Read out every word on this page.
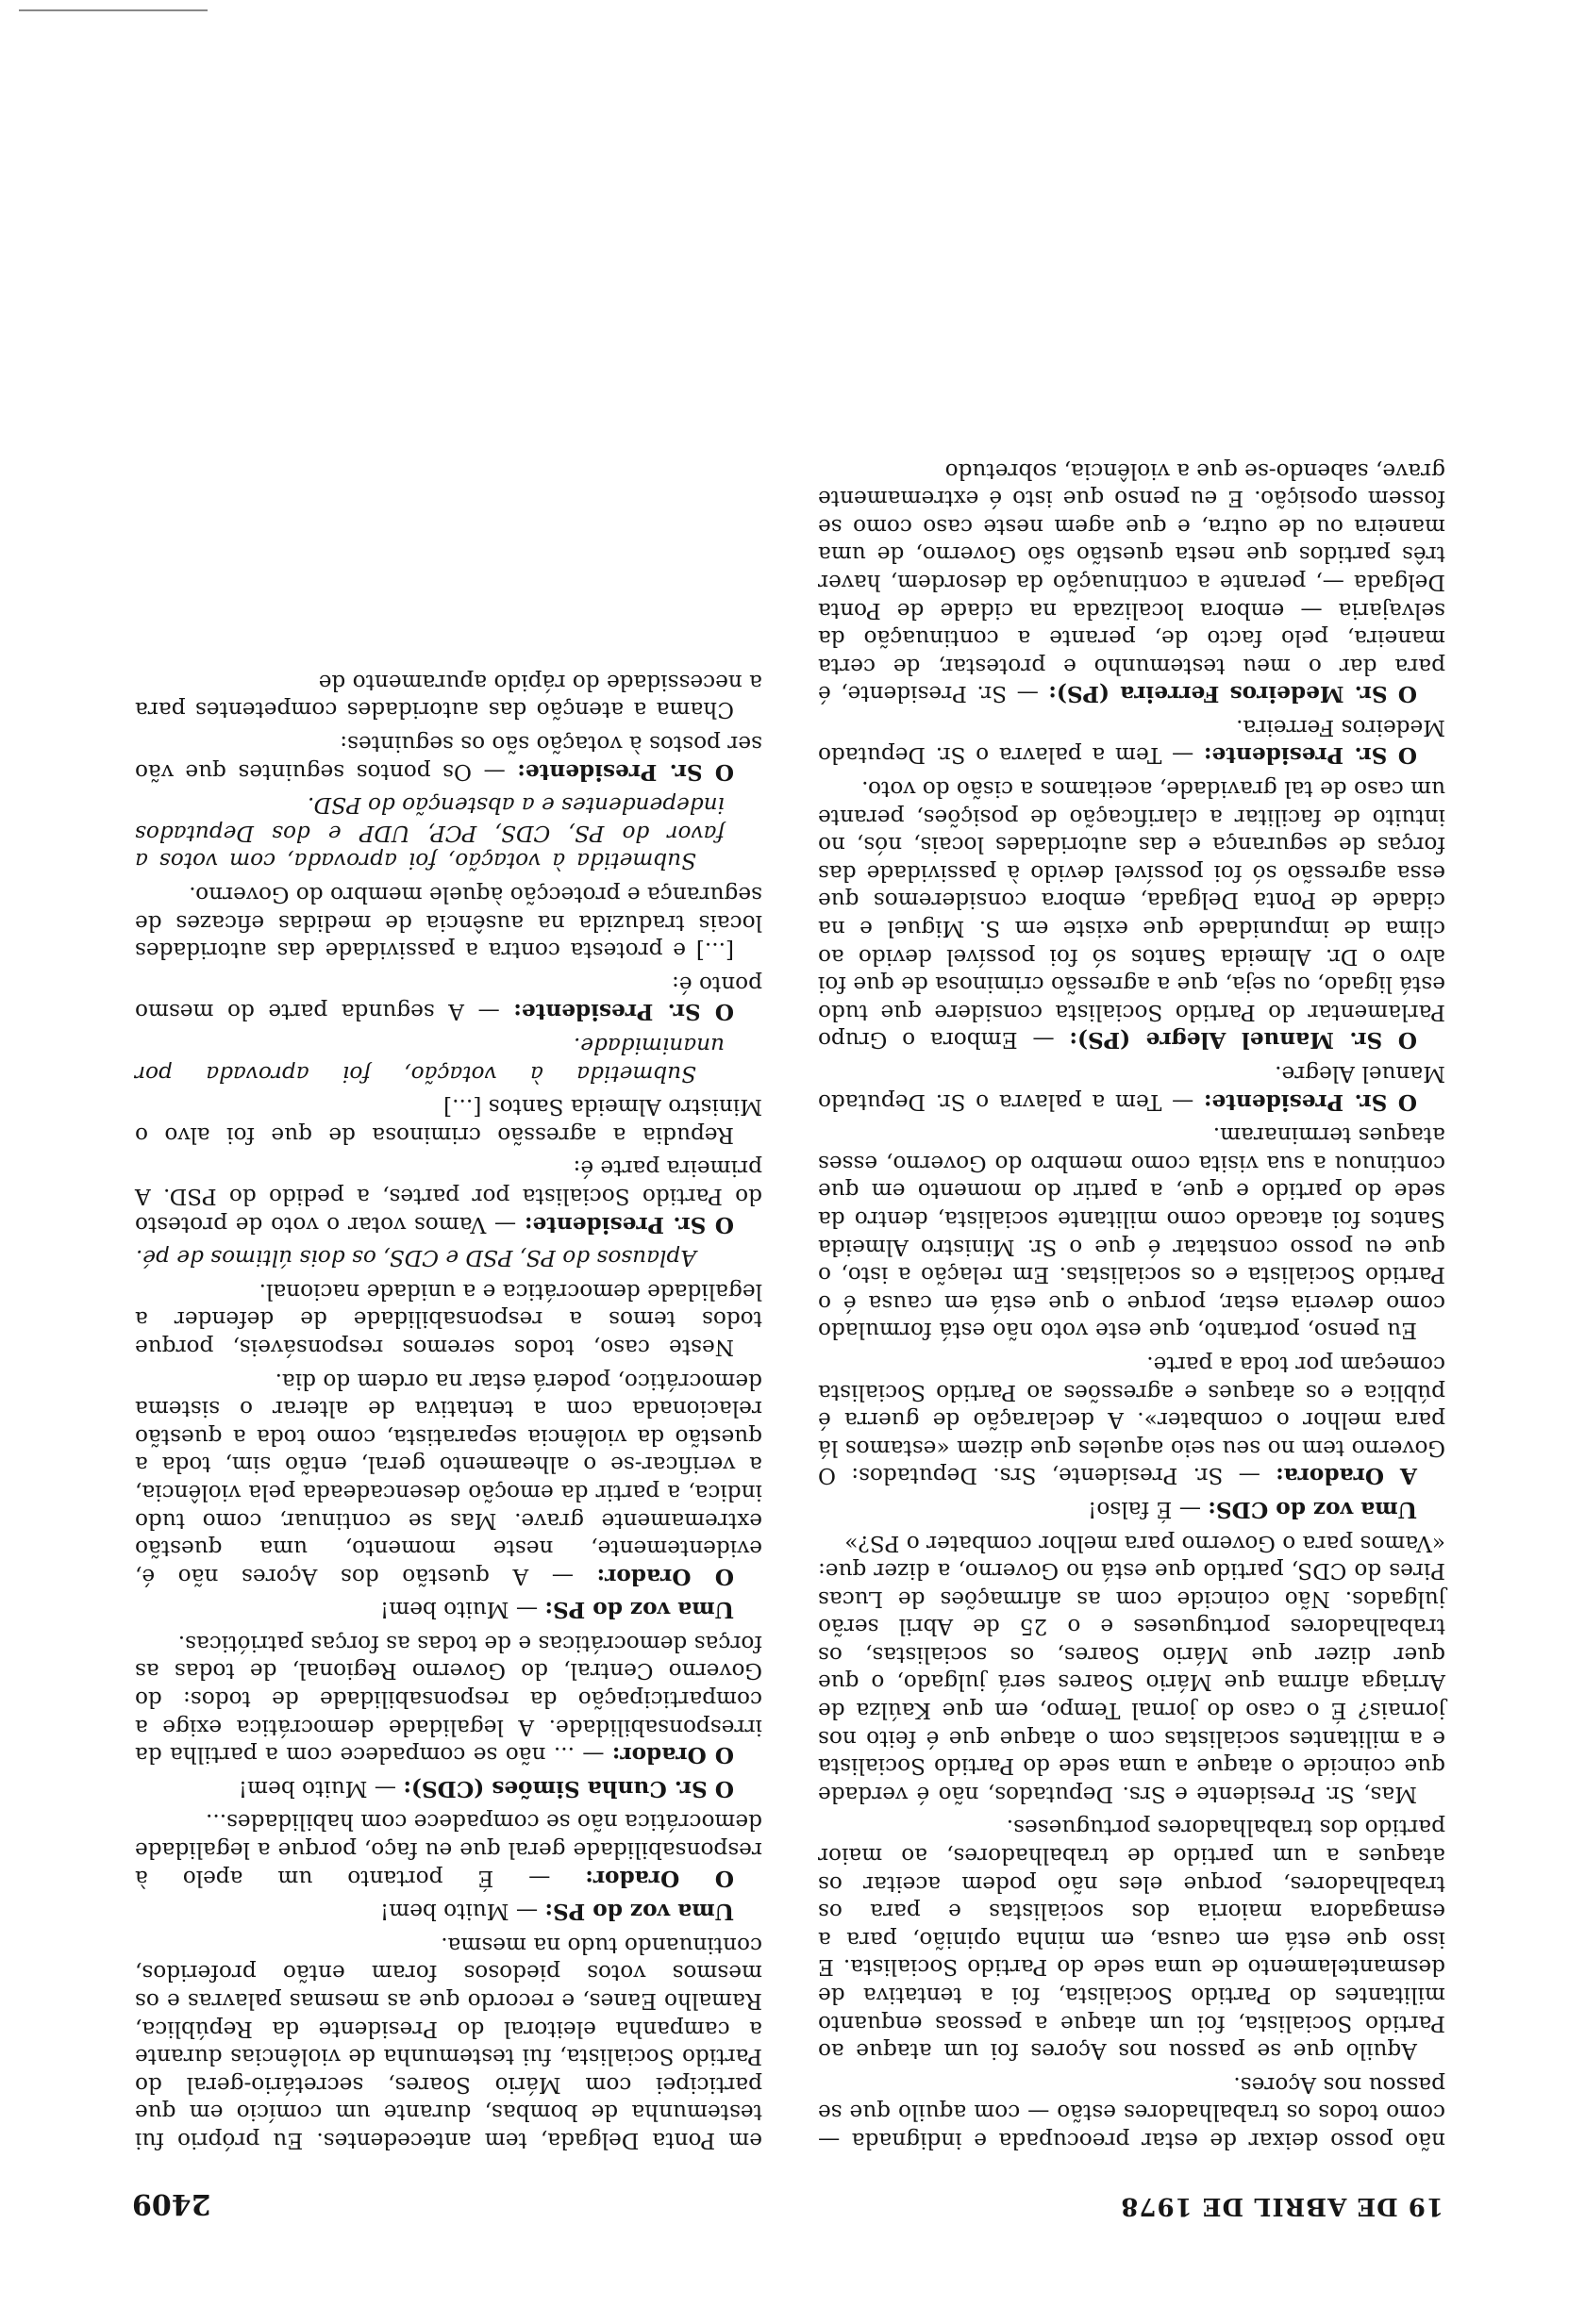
19 DE ABRIL DE 1978
2409

não posso deixar de estar preocupada e indignada — como todos os trabalhadores estão — com aquilo que se passou nos Açores.

Aquilo que se passou nos Açores foi um ataque ao Partido Socialista, foi um ataque a pessoas enquanto militantes do Partido Socialista, foi a tentativa de desmantelamento de uma sede do Partido Socialista. E isso que está em causa, em minha opinião, para a esmagadora maioria dos socialistas e para os trabalhadores, porque eles não podem aceitar os ataques a um partido de trabalhadores, ao maior partido dos trabalhadores portugueses.

Mas, Sr. Presidente e Srs. Deputados, não é verdade que coincide o ataque a uma sede do Partido Socialista e a militantes socialistas com o ataque que é feito nos jornais? É o caso do jornal Tempo, em que Kaúlza de Arriaga afirma que Mário Soares será julgado, o que quer dizer que Mário Soares, os socialistas, os trabalhadores portugueses e o 25 de Abril serão julgados. Não coincide com as afirmações de Lucas Pires do CDS, partido que está no Governo, a dizer que: «Vamos para o Governo para melhor combater o PS?»

Uma voz do CDS: — É falso!

A Oradora: — Sr. Presidente, Srs. Deputados: O Governo tem no seu seio aqueles que dizem «estamos lá para melhor o combater». A declaração de guerra é pública e os ataques e agressões ao Partido Socialista começam por toda a parte.

Eu penso, portanto, que este voto não está formulado como deveria estar, porque o que está em causa é o Partido Socialista e os socialistas. Em relação a isto, o que eu posso constatar é que o Sr. Ministro Almeida Santos foi atacado como militante socialista, dentro da sede do partido e que, a partir do momento em que continuou a sua visita como membro do Governo, esses ataques terminaram.

O Sr. Presidente: — Tem a palavra o Sr. Deputado Manuel Alegre.

O Sr. Manuel Alegre (PS): — Embora o Grupo Parlamentar do Partido Socialista considere que tudo está ligado, ou seja, que a agressão criminosa de que foi alvo o Dr. Almeida Santos só foi possível devido ao clima de impunidade que existe em S. Miguel e na cidade de Ponta Delgada, embora consideremos que essa agressão só foi possível devido à passividade das forças de segurança e das autoridades locais, nós, no intuito de facilitar a clarificação de posições, perante um caso de tal gravidade, aceitamos a cisão do voto.

O Sr. Presidente: — Tem a palavra o Sr. Deputado Medeiros Ferreira.

O Sr. Medeiros Ferreira (PS): — Sr. Presidente, é para dar o meu testemunho e protestar, de certa maneira, pelo facto de, perante a continuação da selvajaria — embora localizada na cidade de Ponta Delgada —, perante a continuação da desordem, haver três partidos que nesta questão são Governo, de uma maneira ou de outra, e que agem neste caso como se fossem oposição. E eu penso que isto é extremamente grave, sabendo-se que a violência, sobretudo

em Ponta Delgada, tem antecedentes. Eu próprio fui testemunha de bombas, durante um comício em que participei com Mário Soares, secretário-geral do Partido Socialista, fui testemunha de violências durante a campanha eleitoral do Presidente da República, Ramalho Eanes, e recordo que as mesmas palavras e os mesmos votos piedosos foram então proferidos, continuando tudo na mesma.

Uma voz do PS: — Muito bem!

O Orador: — É portanto um apelo à responsabilidade geral que eu faço, porque a legalidade democrática não se compadece com habilidades...

O Sr. Cunha Simões (CDS): — Muito bem!

O Orador: — ... não se compadece com a partilha da irresponsabilidade. A legalidade democrática exige a comparticipação da responsabilidade de todos: do Governo Central, do Governo Regional, de todas as forças democráticas e de todas as forças patrióticas.

Uma voz do PS: — Muito bem!

O Orador: — A questão dos Açores não é, evidentemente, neste momento, uma questão extremamente grave. Mas se continuar, como tudo indica, a partir da emoção desencadeada pela violência, a verificar-se o alheamento geral, então sim, toda a questão da violência separatista, como toda a questão relacionada com a tentativa de alterar o sistema democrático, poderá estar na ordem do dia.

Neste caso, todos seremos responsáveis, porque todos temos a responsabilidade de defender a legalidade democrática e a unidade nacional.

Aplausos do PS, PSD e CDS, os dois últimos de pé.

O Sr. Presidente: — Vamos votar o voto de protesto do Partido Socialista por partes, a pedido do PSD. A primeira parte é:

Repudia a agressão criminosa de que foi alvo o Ministro Almeida Santos [...]

Submetida à votação, foi aprovada por unanimidade.

O Sr. Presidente: — A segunda parte do mesmo ponto é:

[...] e protesta contra a passividade das autoridades locais traduzida na ausência de medidas eficazes de segurança e protecção àquele membro do Governo.

Submetida à votação, foi aprovada, com votos a favor do PS, CDS, PCP, UDP e dos Deputados independentes e a abstenção do PSD.

O Sr. Presidente: — Os pontos seguintes que vão ser postos à votação são os seguintes:

Chama a atenção das autoridades competentes para a necessidade do rápido apuramento de
